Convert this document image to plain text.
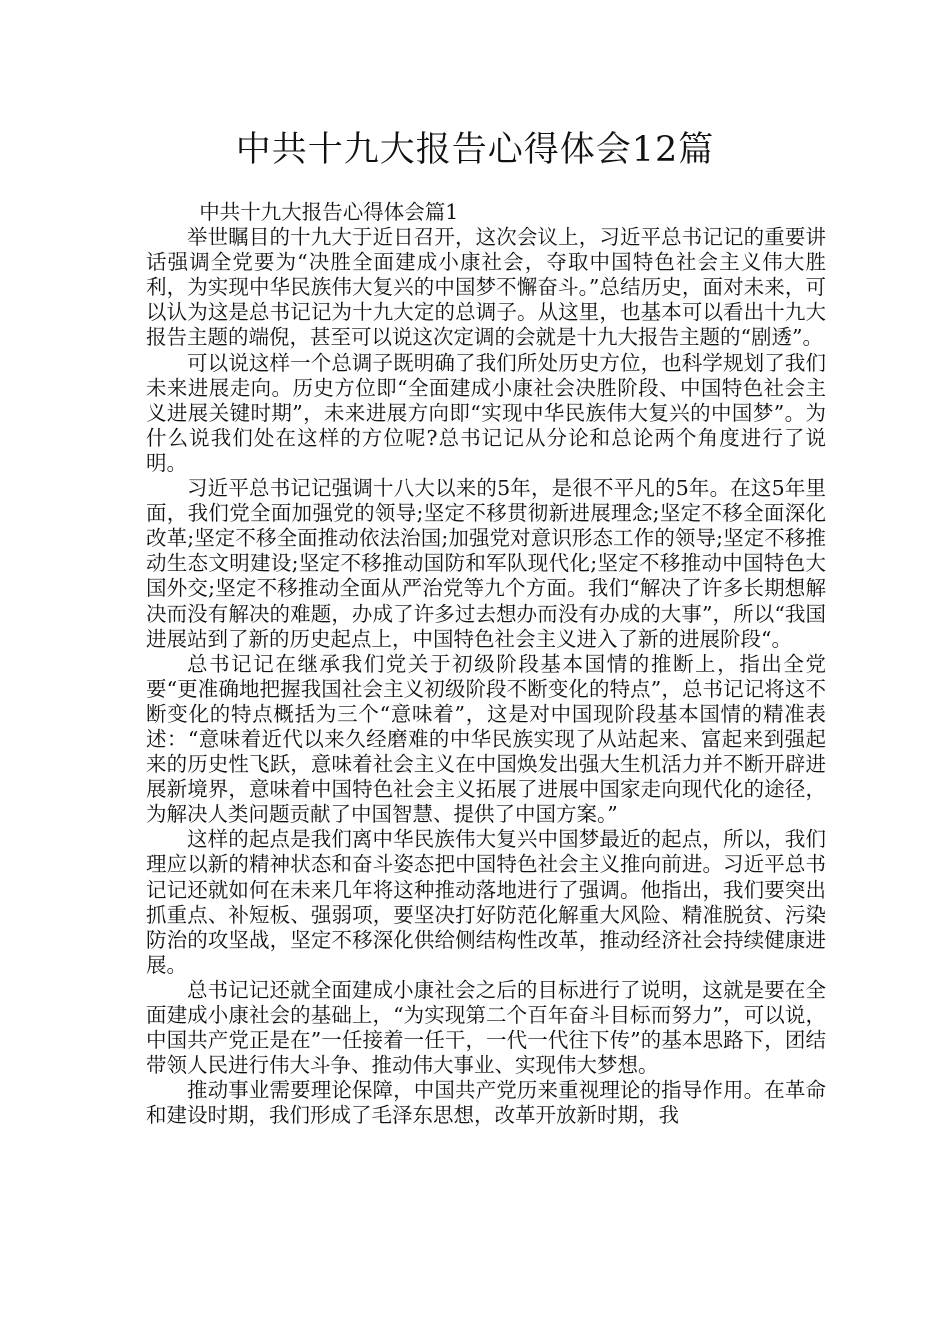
中共十九大报告心得体会12篇

中共十九大报告心得体会篇1

举世瞩目的十九大于近日召开，这次会议上，习近平总书记记的重要讲话强调全党要为“决胜全面建成小康社会，夺取中国特色社会主义伟大胜利，为实现中华民族伟大复兴的中国梦不懈奋斗。”总结历史，面对未来，可以认为这是总书记记为十九大定的总调子。从这里，也基本可以看出十九大报告主题的端倪，甚至可以说这次定调的会就是十九大报告主题的“剧透”。

可以说这样一个总调子既明确了我们所处历史方位，也科学规划了我们未来进展走向。历史方位即“全面建成小康社会决胜阶段、中国特色社会主义进展关键时期”，未来进展方向即“实现中华民族伟大复兴的中国梦”。为什么说我们处在这样的方位呢?总书记记从分论和总论两个角度进行了说明。

习近平总书记记强调十八大以来的5年，是很不平凡的5年。在这5年里面，我们党全面加强党的领导;坚定不移贯彻新进展理念;坚定不移全面深化改革;坚定不移全面推动依法治国;加强党对意识形态工作的领导;坚定不移推动生态文明建设;坚定不移推动国防和军队现代化;坚定不移推动中国特色大国外交;坚定不移推动全面从严治党等九个方面。我们“解决了许多长期想解决而没有解决的难题，办成了许多过去想办而没有办成的大事”，所以“我国进展站到了新的历史起点上，中国特色社会主义进入了新的进展阶段“。

总书记记在继承我们党关于初级阶段基本国情的推断上，指出全党要“更准确地把握我国社会主义初级阶段不断变化的特点”，总书记记将这不断变化的特点概括为三个“意味着”，这是对中国现阶段基本国情的精准表述：“意味着近代以来久经磨难的中华民族实现了从站起来、富起来到强起来的历史性飞跃，意味着社会主义在中国焕发出强大生机活力并不断开辟进展新境界，意味着中国特色社会主义拓展了进展中国家走向现代化的途径，为解决人类问题贡献了中国智慧、提供了中国方案。”

这样的起点是我们离中华民族伟大复兴中国梦最近的起点，所以，我们理应以新的精神状态和奋斗姿态把中国特色社会主义推向前进。习近平总书记记还就如何在未来几年将这种推动落地进行了强调。他指出，我们要突出抓重点、补短板、强弱项，要坚决打好防范化解重大风险、精准脱贫、污染防治的攻坚战，坚定不移深化供给侧结构性改革，推动经济社会持续健康进展。

总书记记还就全面建成小康社会之后的目标进行了说明，这就是要在全面建成小康社会的基础上，“为实现第二个百年奋斗目标而努力”，可以说，中国共产党正是在”一任接着一任干，一代一代往下传”的基本思路下，团结带领人民进行伟大斗争、推动伟大事业、实现伟大梦想。

推动事业需要理论保障，中国共产党历来重视理论的指导作用。在革命和建设时期，我们形成了毛泽东思想，改革开放新时期，我
